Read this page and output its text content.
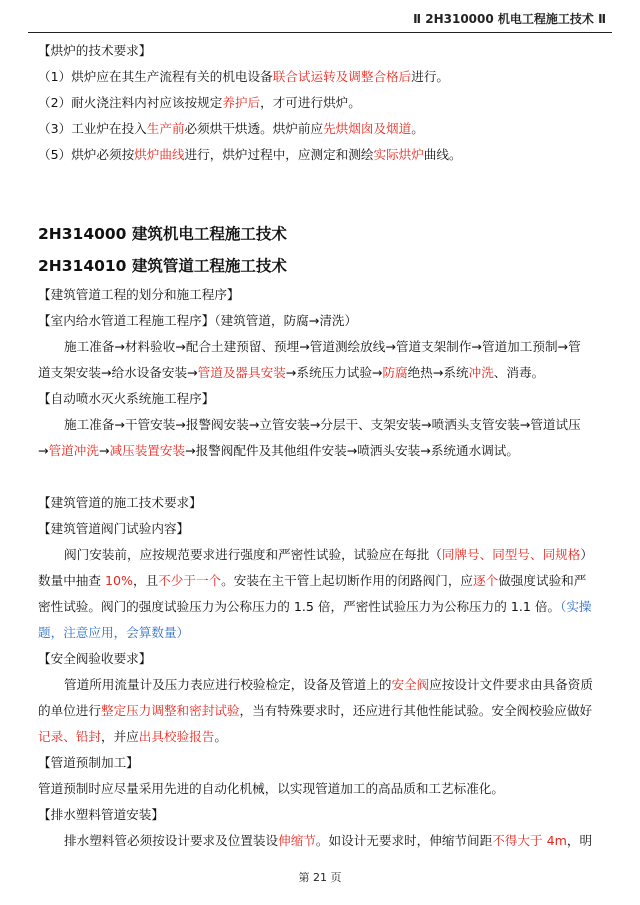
Ⅱ 2H310000 机电工程施工技术 Ⅱ
【烘炉的技术要求】
（1）烘炉应在其生产流程有关的机电设备联合试运转及调整合格后进行。
（2）耐火浇注料内衬应该按规定养护后，才可进行烘炉。
（3）工业炉在投入生产前必须烘干烘透。烘炉前应先烘烟囱及烟道。
（5）烘炉必须按烘炉曲线进行，烘炉过程中，应测定和测绘实际烘炉曲线。
2H314000 建筑机电工程施工技术
2H314010 建筑管道工程施工技术
【建筑管道工程的划分和施工程序】
【室内给水管道工程施工程序】（建筑管道，防腐→清洗）
施工准备→材料验收→配合土建预留、预埋→管道测绘放线→管道支架制作→管道加工预制→管
道支架安装→给水设备安装→管道及器具安装→系统压力试验→防腐绝热→系统冲洗、消毒。
【自动喷水灭火系统施工程序】
施工准备→干管安装→报警阀安装→立管安装→分层干、支架安装→喷洒头支管安装→管道试压
→管道冲洗→减压装置安装→报警阀配件及其他组件安装→喷洒头安装→系统通水调试。
【建筑管道的施工技术要求】
【建筑管道阀门试验内容】
阀门安装前，应按规范要求进行强度和严密性试验，试验应在每批（同牌号、同型号、同规格）
数量中抽查 10%，且不少于一个。安装在主干管上起切断作用的闭路阀门，应逐个做强度试验和严
密性试验。阀门的强度试验压力为公称压力的 1.5 倍，严密性试验压力为公称压力的 1.1 倍。（实操
题，注意应用，会算数量）
【安全阀验收要求】
管道所用流量计及压力表应进行校验检定，设备及管道上的安全阀应按设计文件要求由具备资质
的单位进行整定压力调整和密封试验，当有特殊要求时，还应进行其他性能试验。安全阀校验应做好
记录、铅封，并应出具校验报告。
【管道预制加工】
管道预制时应尽量采用先进的自动化机械，以实现管道加工的高品质和工艺标准化。
【排水塑料管道安装】
排水塑料管必须按设计要求及位置装设伸缩节。如设计无要求时，伸缩节间距不得大于 4m，明
第 21 页
